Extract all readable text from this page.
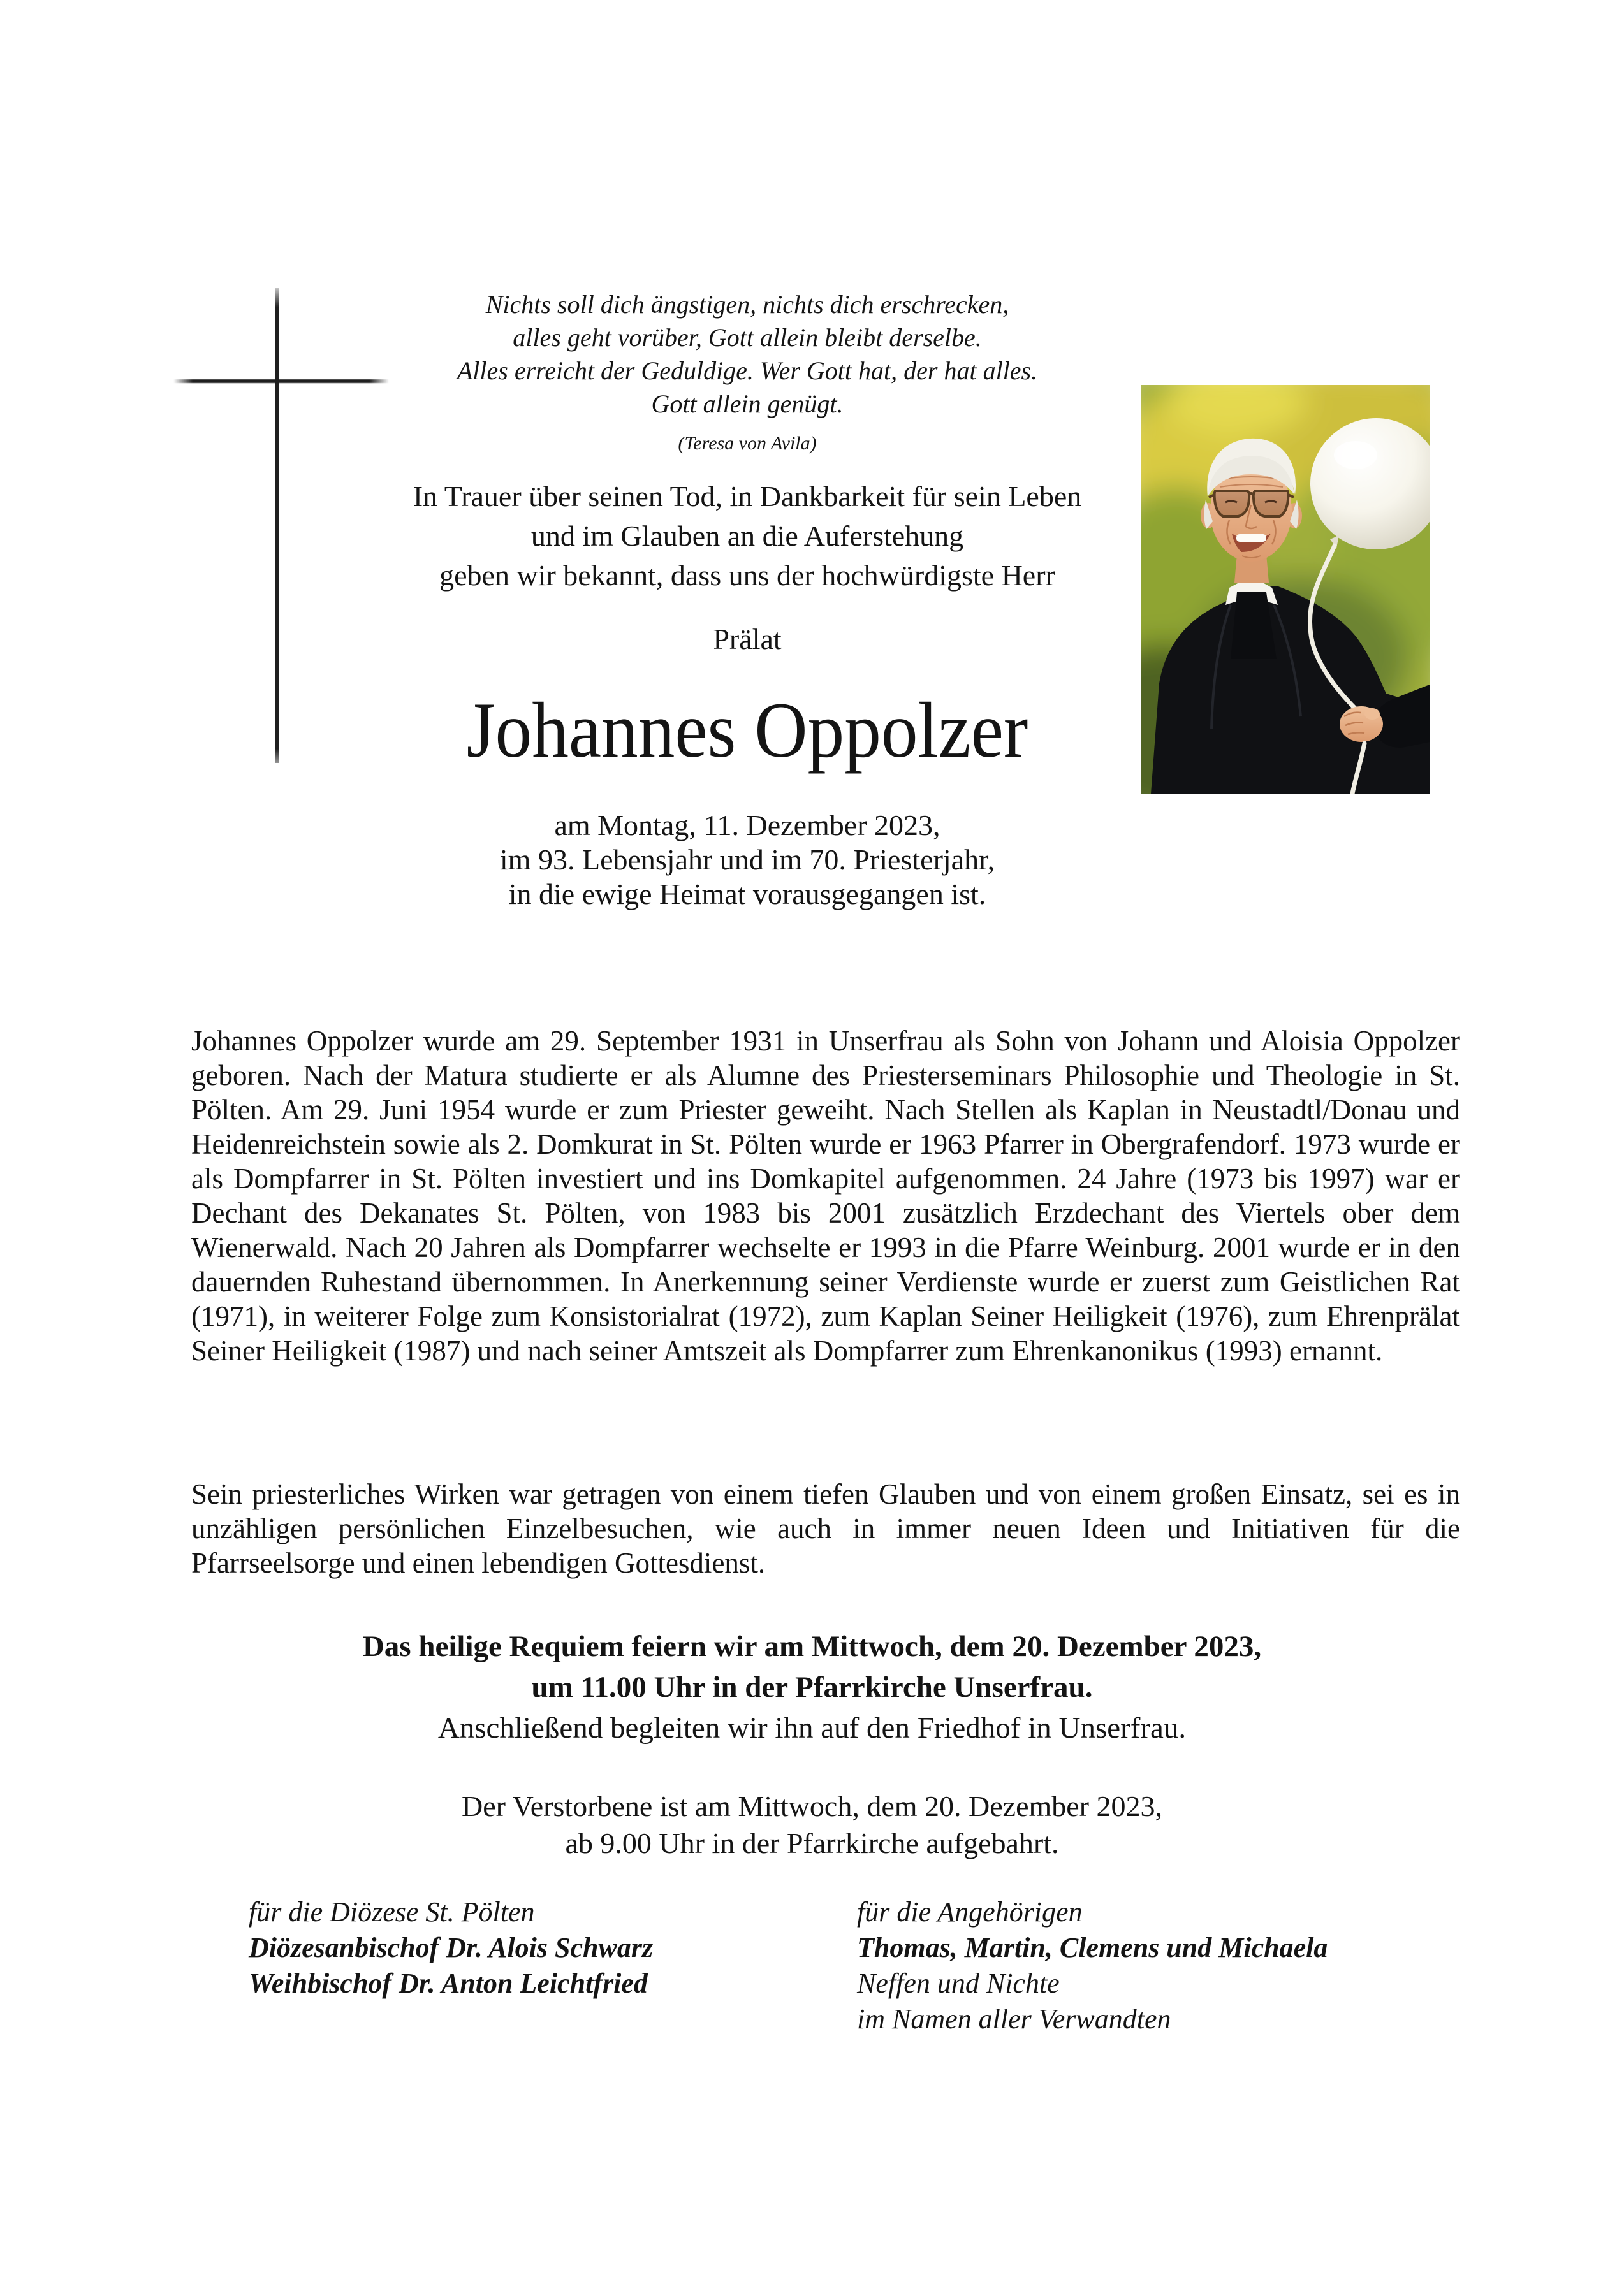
Nichts soll dich ängstigen, nichts dich erschrecken,
alles geht vorüber, Gott allein bleibt derselbe.
Alles erreicht der Geduldige. Wer Gott hat, der hat alles.
Gott allein genügt.
(Teresa von Avila)
In Trauer über seinen Tod, in Dankbarkeit für sein Leben
und im Glauben an die Auferstehung
geben wir bekannt, dass uns der hochwürdigste Herr
Prälat
Johannes Oppolzer
am Montag, 11. Dezember 2023,
im 93. Lebensjahr und im 70. Priesterjahr,
in die ewige Heimat vorausgegangen ist.

Johannes Oppolzer wurde am 29. September 1931 in Unserfrau als Sohn von Johann und Aloisia Oppolzer geboren. Nach der Matura studierte er als Alumne des Priesterseminars Philosophie und Theologie in St. Pölten. Am 29. Juni 1954 wurde er zum Priester geweiht. Nach Stellen als Kaplan in Neustadtl/Donau und Heidenreichstein sowie als 2. Domkurat in St. Pölten wurde er 1963 Pfarrer in Obergrafendorf. 1973 wurde er als Dompfarrer in St. Pölten investiert und ins Domkapitel aufgenommen. 24 Jahre (1973 bis 1997) war er Dechant des Dekanates St. Pölten, von 1983 bis 2001 zusätzlich Erzdechant des Viertels ober dem Wienerwald. Nach 20 Jahren als Dompfarrer wechselte er 1993 in die Pfarre Weinburg. 2001 wurde er in den dauernden Ruhestand übernommen. In Anerkennung seiner Verdienste wurde er zuerst zum Geistlichen Rat (1971), in weiterer Folge zum Konsistorialrat (1972), zum Kaplan Seiner Heiligkeit (1976), zum Ehrenprälat Seiner Heiligkeit (1987) und nach seiner Amtszeit als Dompfarrer zum Ehrenkanonikus (1993) ernannt.

Sein priesterliches Wirken war getragen von einem tiefen Glauben und von einem großen Einsatz, sei es in unzähligen persönlichen Einzelbesuchen, wie auch in immer neuen Ideen und Initiativen für die Pfarrseelsorge und einen lebendigen Gottesdienst.

Das heilige Requiem feiern wir am Mittwoch, dem 20. Dezember 2023,
um 11.00 Uhr in der Pfarrkirche Unserfrau.
Anschließend begleiten wir ihn auf den Friedhof in Unserfrau.
Der Verstorbene ist am Mittwoch, dem 20. Dezember 2023,
ab 9.00 Uhr in der Pfarrkirche aufgebahrt.
für die Diözese St. Pölten
Diözesanbischof Dr. Alois Schwarz
Weihbischof Dr. Anton Leichtfried
für die Angehörigen
Thomas, Martin, Clemens und Michaela
Neffen und Nichte
im Namen aller Verwandten
